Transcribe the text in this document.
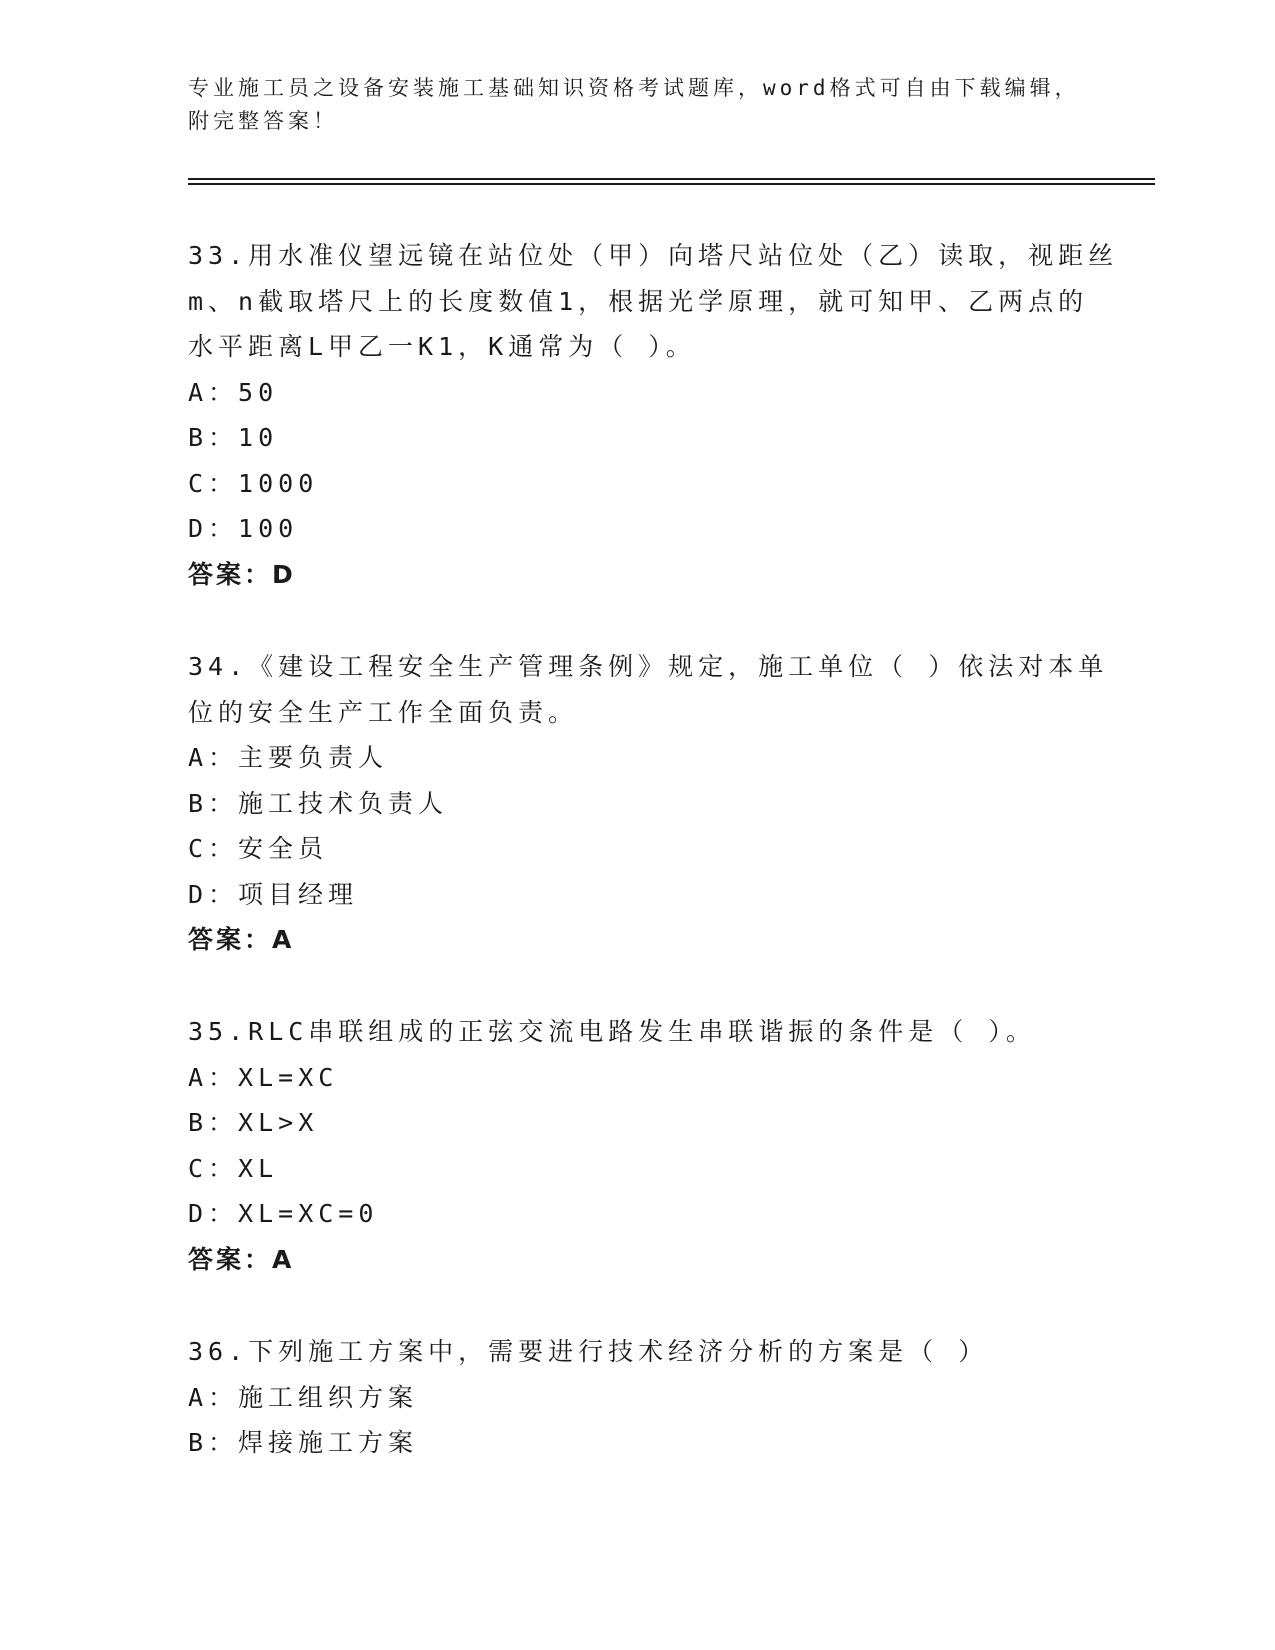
专业施工员之设备安装施工基础知识资格考试题库，word格式可自由下载编辑，
附完整答案！
33.用水准仪望远镜在站位处（甲）向塔尺站位处（乙）读取，视距丝
m、n截取塔尺上的长度数值1，根据光学原理，就可知甲、乙两点的
水平距离L甲乙一K1，K通常为（ ）。
A：50
B：10
C：1000
D：100
答案：D
34.《建设工程安全生产管理条例》规定，施工单位（ ）依法对本单
位的安全生产工作全面负责。
A：主要负责人
B：施工技术负责人
C：安全员
D：项目经理
答案：A
35.RLC串联组成的正弦交流电路发生串联谐振的条件是（ ）。
A：XL=XC
B：XL>X
C：XL
D：XL=XC=0
答案：A
36.下列施工方案中，需要进行技术经济分析的方案是（ ）
A：施工组织方案
B：焊接施工方案
